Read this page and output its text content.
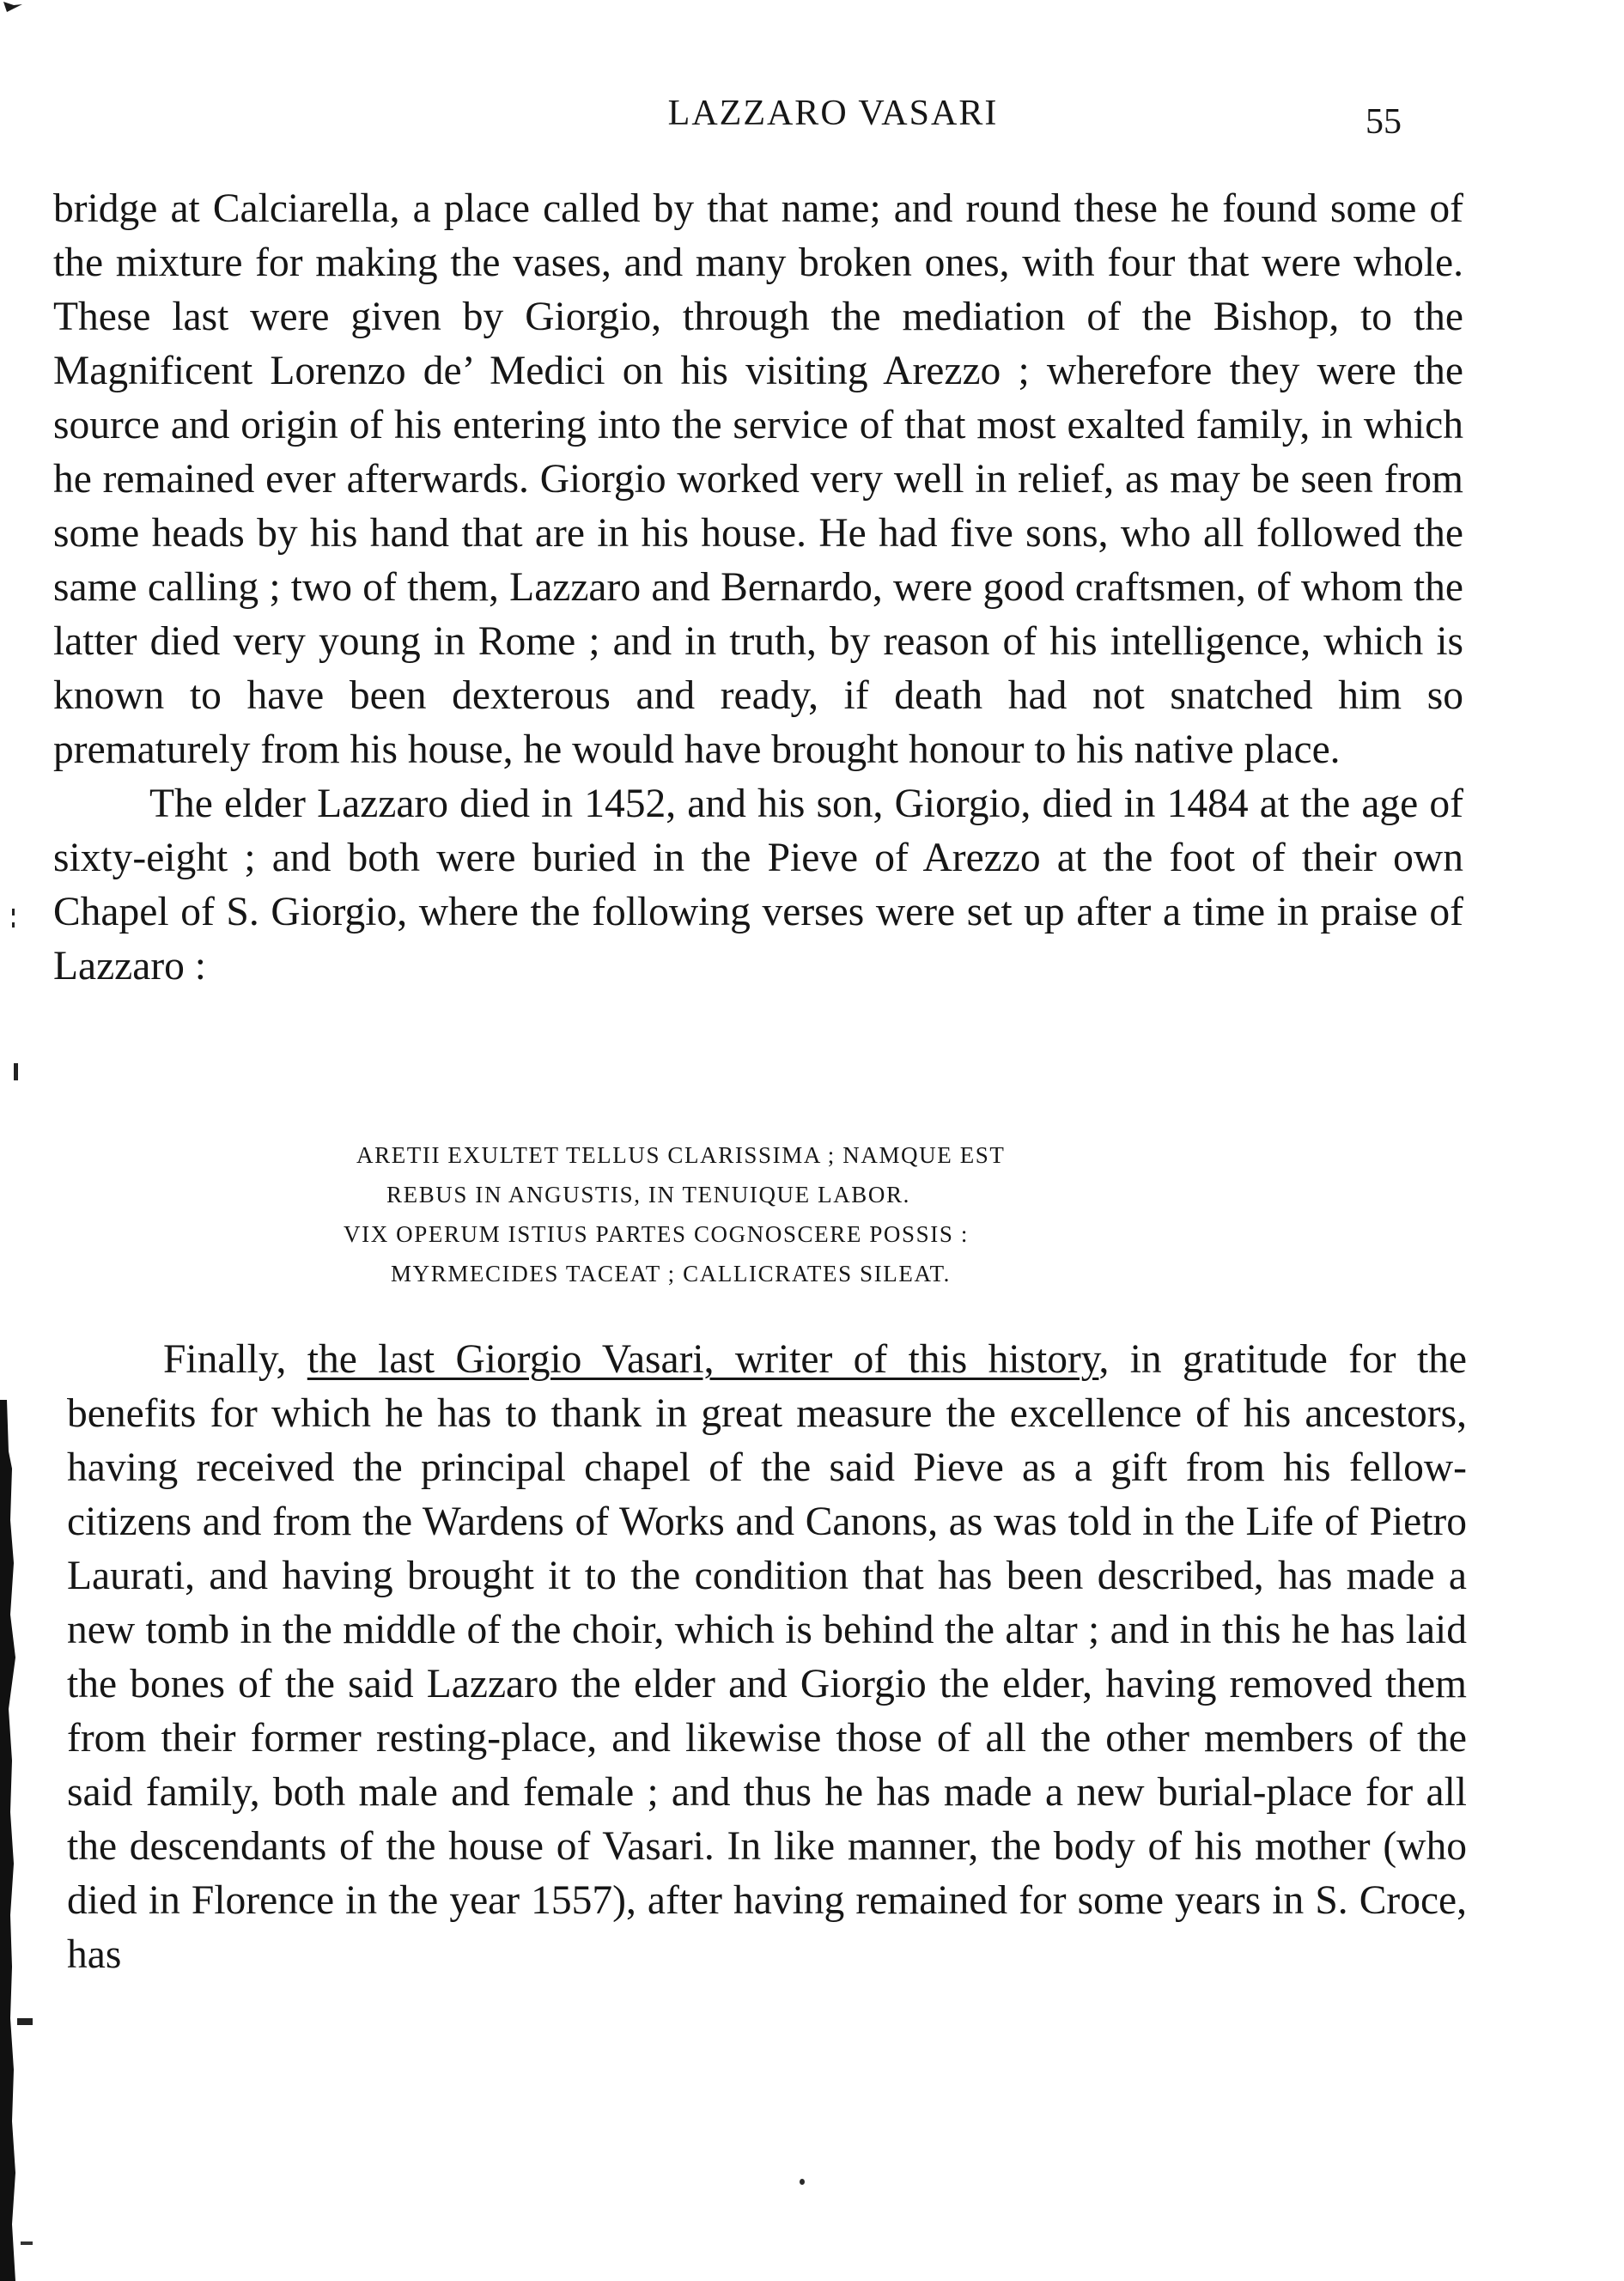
LAZZARO VASARI	55

bridge at Calciarella, a place called by that name; and round these he found some of the mixture for making the vases, and many broken ones, with four that were whole. These last were given by Giorgio, through the mediation of the Bishop, to the Magnificent Lorenzo de’ Medici on his visiting Arezzo ; wherefore they were the source and origin of his entering into the service of that most exalted family, in which he remained ever afterwards. Giorgio worked very well in relief, as may be seen from some heads by his hand that are in his house. He had five sons, who all followed the same calling ; two of them, Lazzaro and Bernardo, were good craftsmen, of whom the latter died very young in Rome ; and in truth, by reason of his intelligence, which is known to have been dexterous and ready, if death had not snatched him so prematurely from his house, he would have brought honour to his native place.

The elder Lazzaro died in 1452, and his son, Giorgio, died in 1484 at the age of sixty-eight ; and both were buried in the Pieve of Arezzo at the foot of their own Chapel of S. Giorgio, where the following verses were set up after a time in praise of Lazzaro :

ARETII EXULTET TELLUS CLARISSIMA ; NAMQUE EST
REBUS IN ANGUSTIS, IN TENUIQUE LABOR.
VIX OPERUM ISTIUS PARTES COGNOSCERE POSSIS :
MYRMECIDES TACEAT ; CALLICRATES SILEAT.

Finally, the last Giorgio Vasari, writer of this history, in gratitude for the benefits for which he has to thank in great measure the excellence of his ancestors, having received the principal chapel of the said Pieve as a gift from his fellow-citizens and from the Wardens of Works and Canons, as was told in the Life of Pietro Laurati, and having brought it to the condition that has been described, has made a new tomb in the middle of the choir, which is behind the altar ; and in this he has laid the bones of the said Lazzaro the elder and Giorgio the elder, having removed them from their former resting-place, and likewise those of all the other members of the said family, both male and female ; and thus he has made a new burial-place for all the descendants of the house of Vasari. In like manner, the body of his mother (who died in Florence in the year 1557), after having remained for some years in S. Croce, has
